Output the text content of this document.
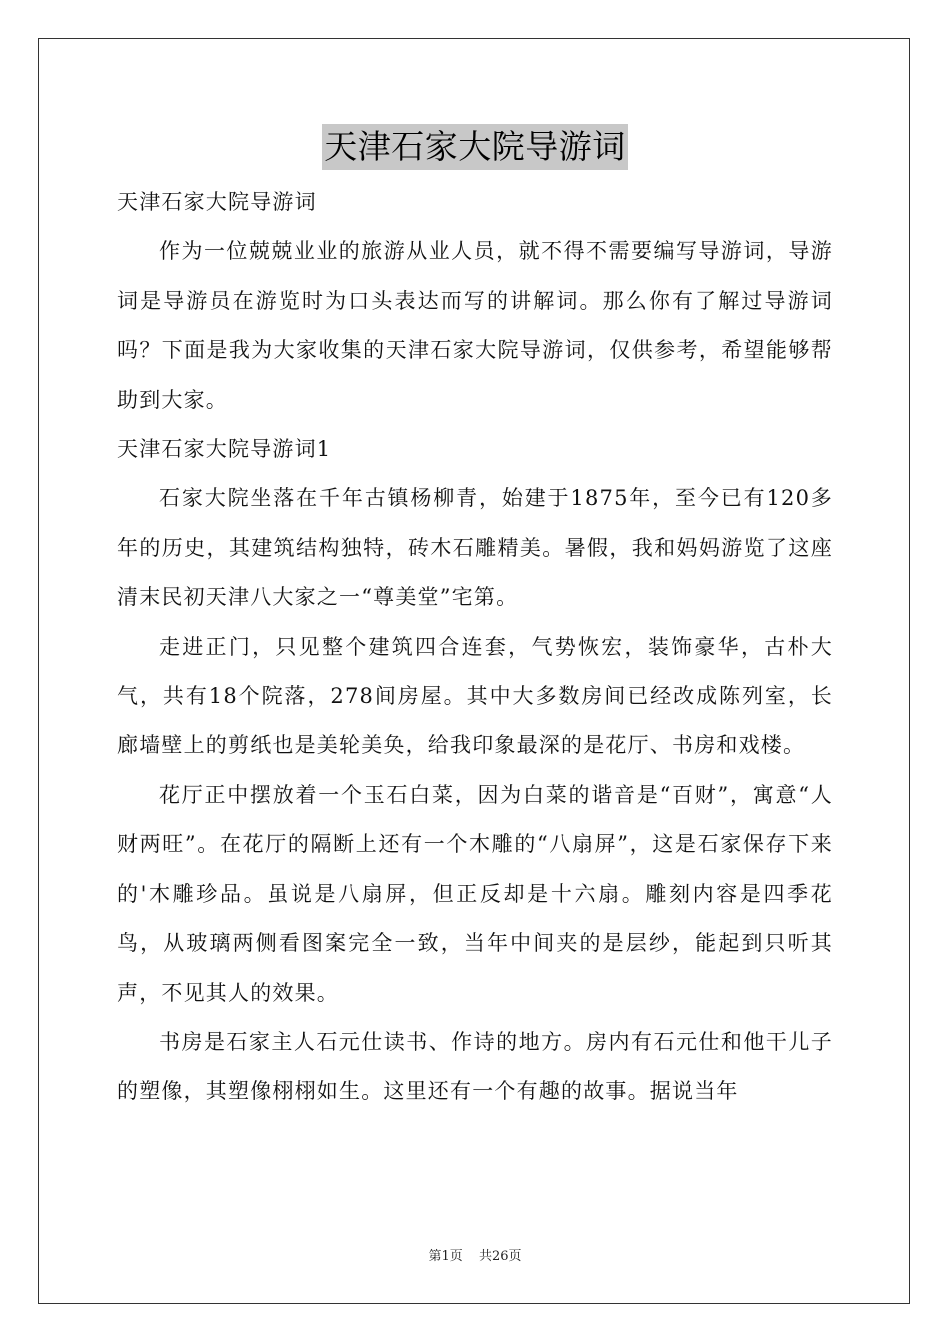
天津石家大院导游词

天津石家大院导游词

作为一位兢兢业业的旅游从业人员，就不得不需要编写导游词，导游词是导游员在游览时为口头表达而写的讲解词。那么你有了解过导游词吗？下面是我为大家收集的天津石家大院导游词，仅供参考，希望能够帮助到大家。

天津石家大院导游词1

石家大院坐落在千年古镇杨柳青，始建于1875年，至今已有120多年的历史，其建筑结构独特，砖木石雕精美。暑假，我和妈妈游览了这座清末民初天津八大家之一“尊美堂”宅第。

走进正门，只见整个建筑四合连套，气势恢宏，装饰豪华，古朴大气，共有18个院落，278间房屋。其中大多数房间已经改成陈列室，长廊墙壁上的剪纸也是美轮美奂，给我印象最深的是花厅、书房和戏楼。

花厅正中摆放着一个玉石白菜，因为白菜的谐音是“百财”，寓意“人财两旺”。在花厅的隔断上还有一个木雕的“八扇屏”，这是石家保存下来的'木雕珍品。虽说是八扇屏，但正反却是十六扇。雕刻内容是四季花鸟，从玻璃两侧看图案完全一致，当年中间夹的是层纱，能起到只听其声，不见其人的效果。

书房是石家主人石元仕读书、作诗的地方。房内有石元仕和他干儿子的塑像，其塑像栩栩如生。这里还有一个有趣的故事。据说当年

第1页 共26页
